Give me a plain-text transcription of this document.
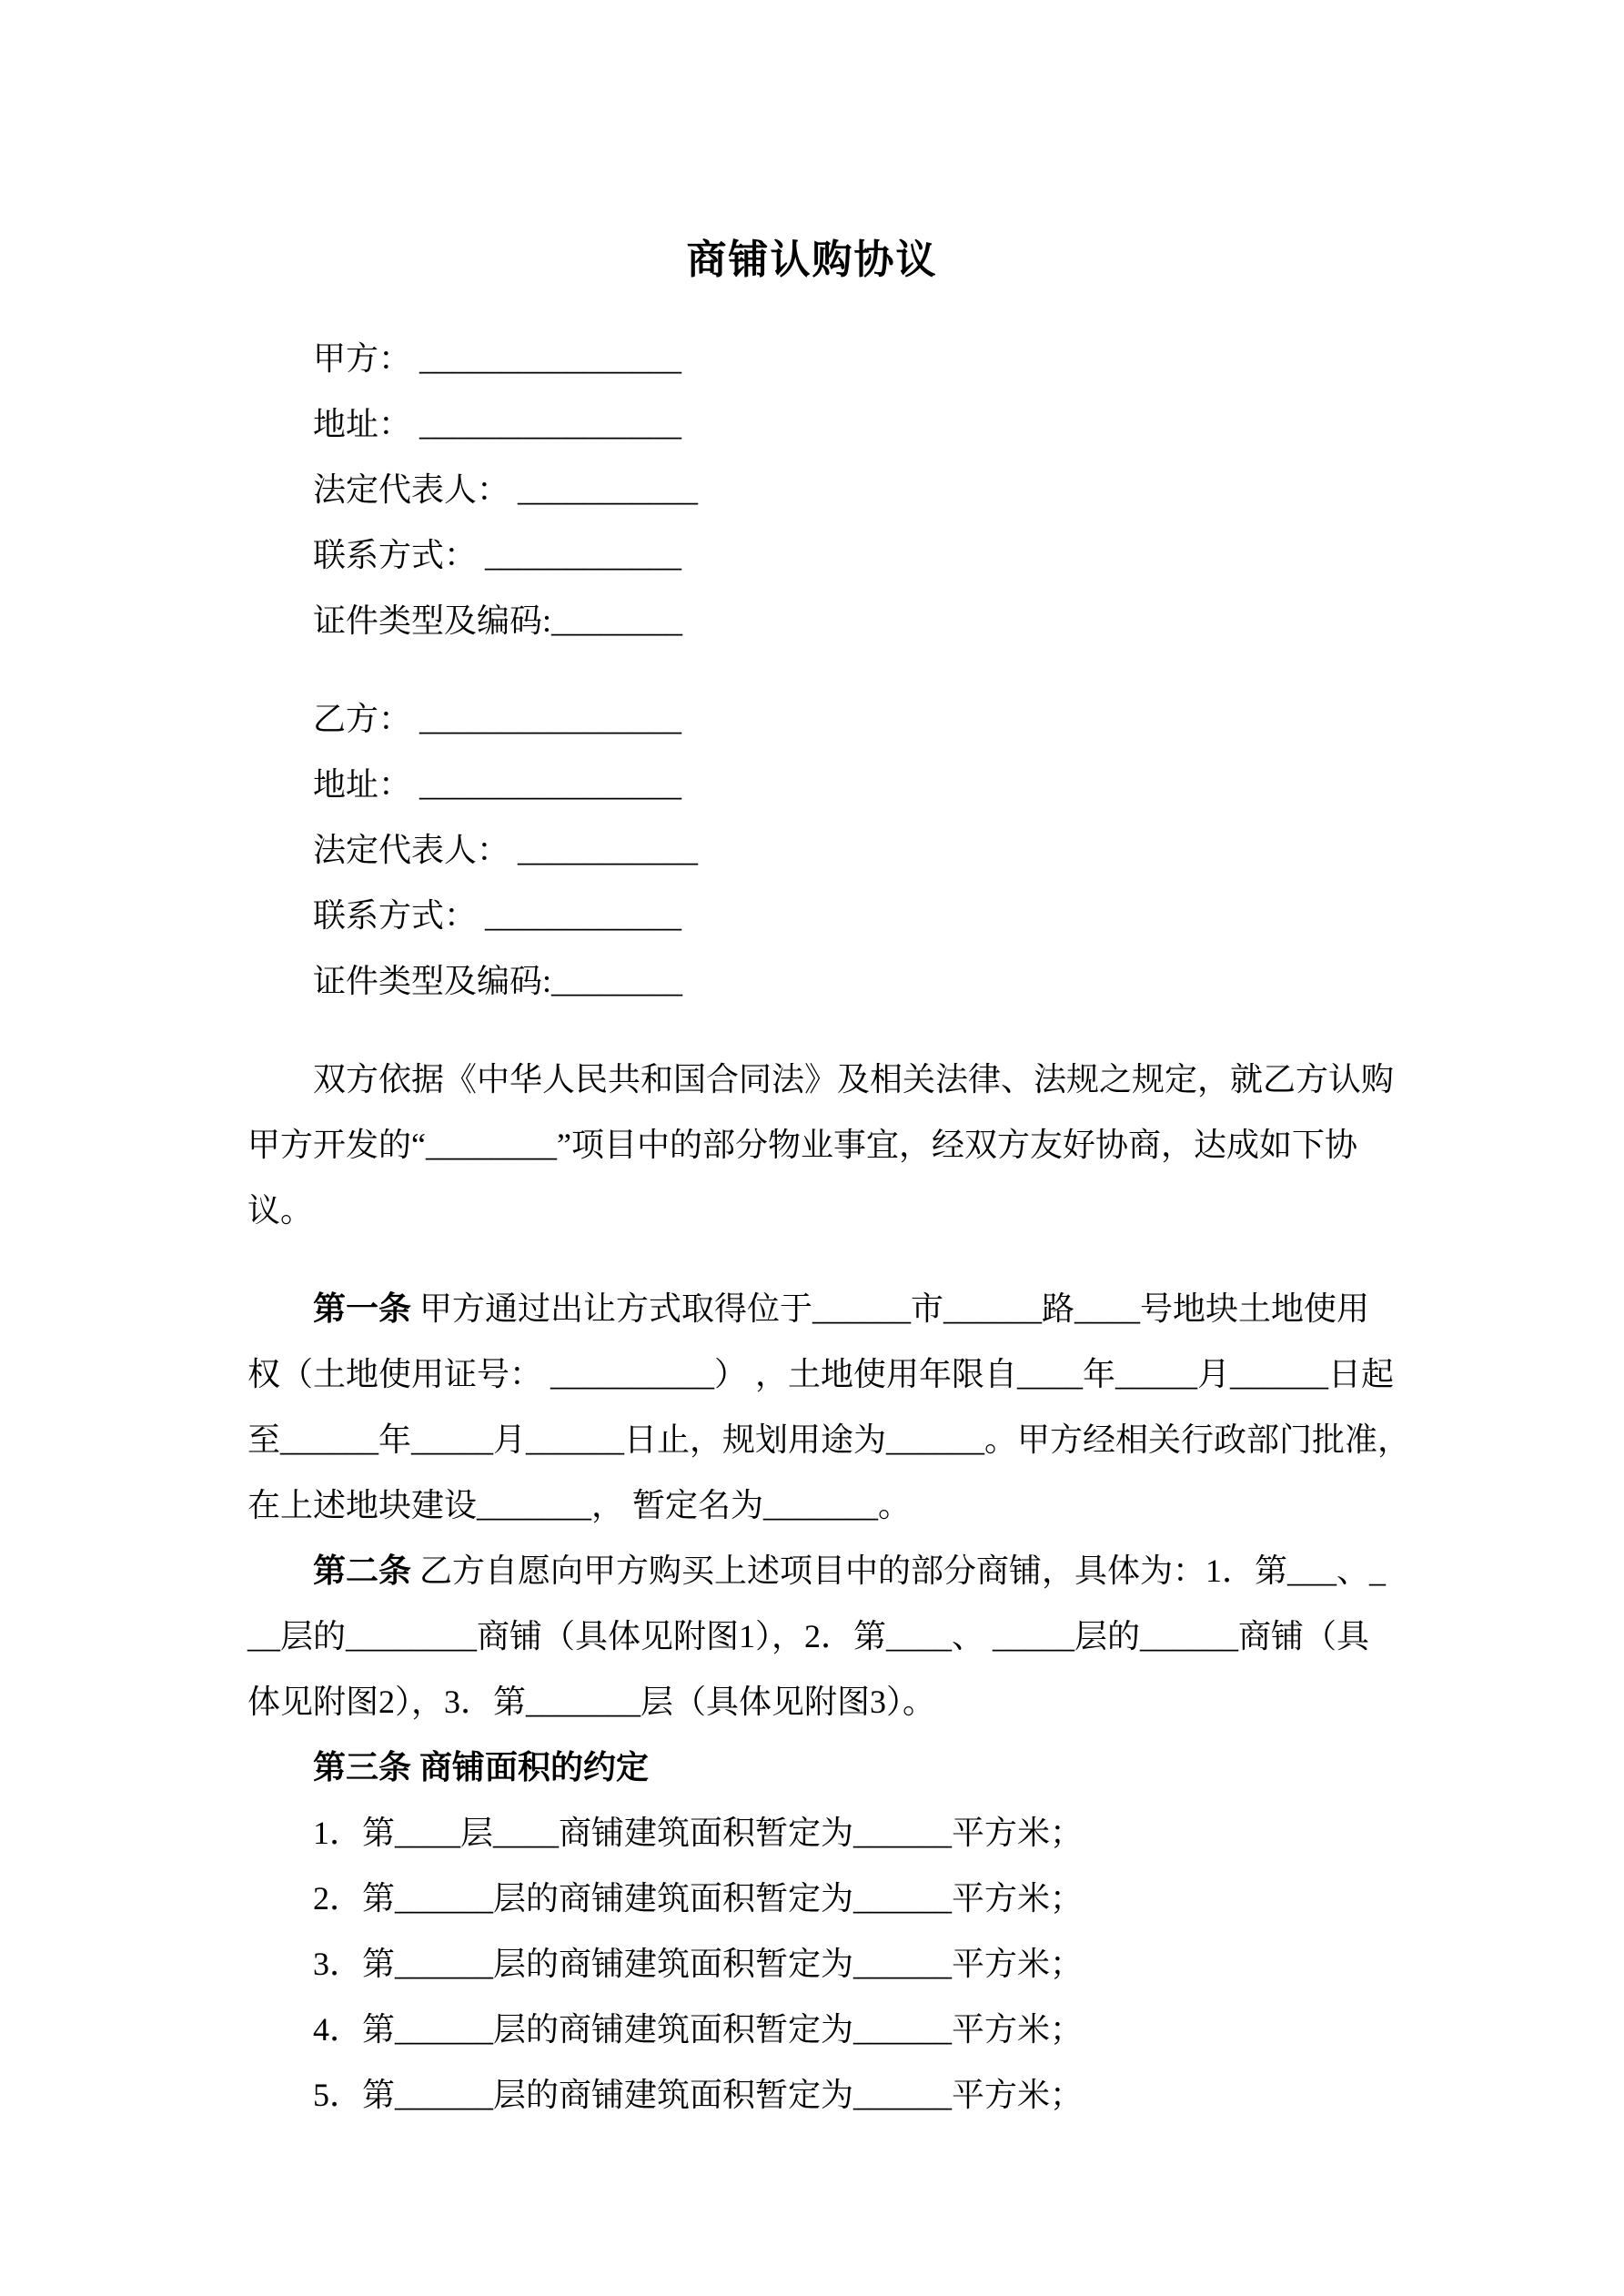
商铺认购协议
甲方： ________________
地址： ________________
法定代表人： ___________
联系方式： ____________
证件类型及编码:________
乙方： ________________
地址： ________________
法定代表人： ___________
联系方式： ____________
证件类型及编码:________
双方依据《中华人民共和国合同法》及相关法律、法规之规定，就乙方认购
甲方开发的“________”项目中的部分物业事宜，经双方友好协商，达成如下协
议。
第一条 甲方通过出让方式取得位于______市______路____号地块土地使用
权（土地使用证号： __________） ，土地使用年限自____年_____月______日起
至______年_____月______日止，规划用途为______。甲方经相关行政部门批准，
在上述地块建设_______， 暂定名为_______。
第二条 乙方自愿向甲方购买上述项目中的部分商铺，具体为：1．第___、_
__层的________商铺（具体见附图1），2．第____、 _____层的______商铺（具
体见附图2），3．第_______层（具体见附图3）。
第三条 商铺面积的约定
1．第____层____商铺建筑面积暂定为______平方米；
2．第______层的商铺建筑面积暂定为______平方米；
3．第______层的商铺建筑面积暂定为______平方米；
4．第______层的商铺建筑面积暂定为______平方米；
5．第______层的商铺建筑面积暂定为______平方米；
